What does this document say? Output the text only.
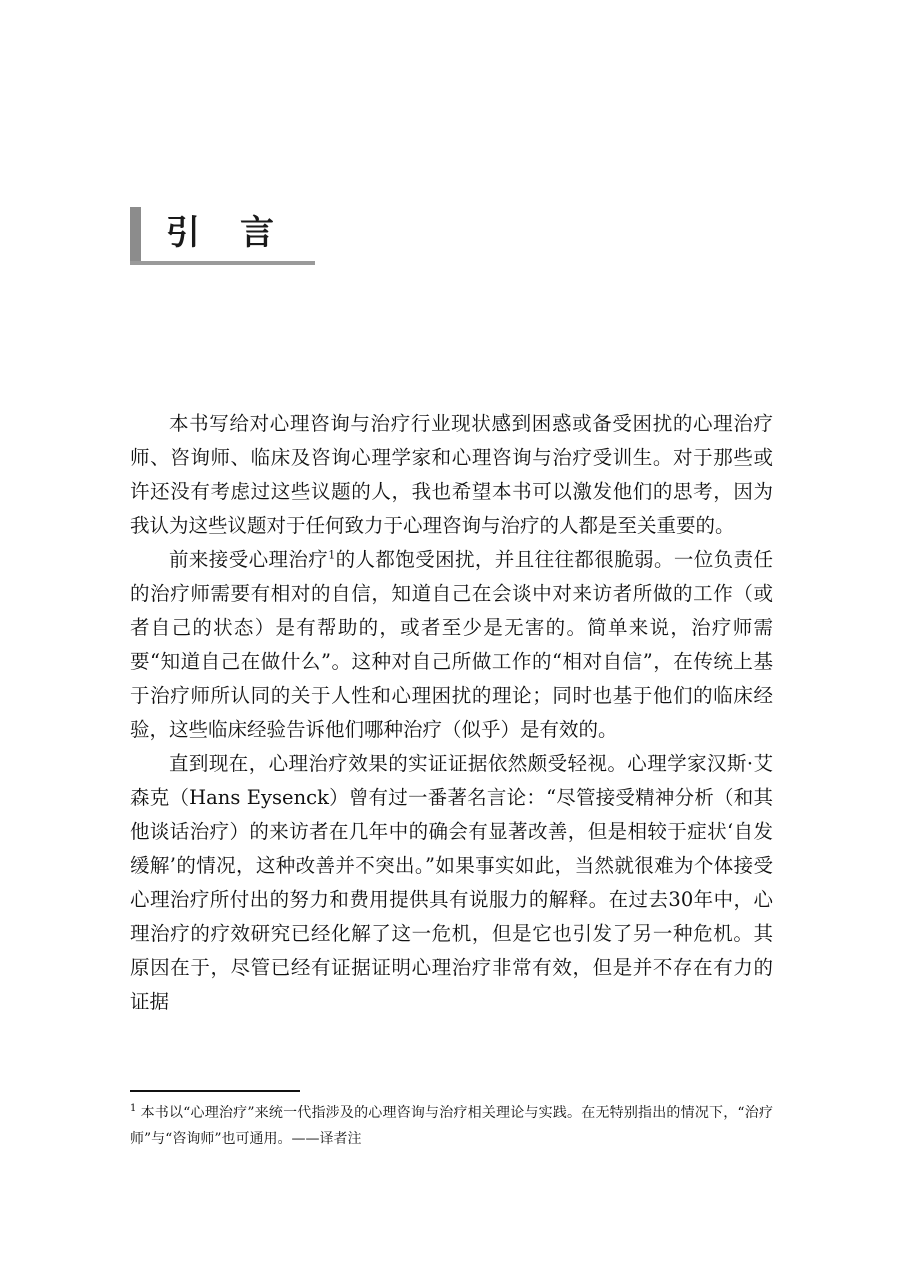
引言

本书写给对心理咨询与治疗行业现状感到困惑或备受困扰的心理治疗师、咨询师、临床及咨询心理学家和心理咨询与治疗受训生。对于那些或许还没有考虑过这些议题的人，我也希望本书可以激发他们的思考，因为我认为这些议题对于任何致力于心理咨询与治疗的人都是至关重要的。

前来接受心理治疗$^1$的人都饱受困扰，并且往往都很脆弱。一位负责任的治疗师需要有相对的自信，知道自己在会谈中对来访者所做的工作（或者自己的状态）是有帮助的，或者至少是无害的。简单来说，治疗师需要“知道自己在做什么”。这种对自己所做工作的“相对自信”，在传统上基于治疗师所认同的关于人性和心理困扰的理论；同时也基于他们的临床经验，这些临床经验告诉他们哪种治疗（似乎）是有效的。

直到现在，心理治疗效果的实证证据依然颇受轻视。心理学家汉斯·艾森克（Hans Eysenck）曾有过一番著名言论：“尽管接受精神分析（和其他谈话治疗）的来访者在几年中的确会有显著改善，但是相较于症状‘自发缓解’的情况，这种改善并不突出。”如果事实如此，当然就很难为个体接受心理治疗所付出的努力和费用提供具有说服力的解释。在过去30年中，心理治疗的疗效研究已经化解了这一危机，但是它也引发了另一种危机。其原因在于，尽管已经有证据证明心理治疗非常有效，但是并不存在有力的证据

$^1$ 本书以“心理治疗”来统一代指涉及的心理咨询与治疗相关理论与实践。在无特别指出的情况下，“治疗师”与“咨询师”也可通用。——译者注
